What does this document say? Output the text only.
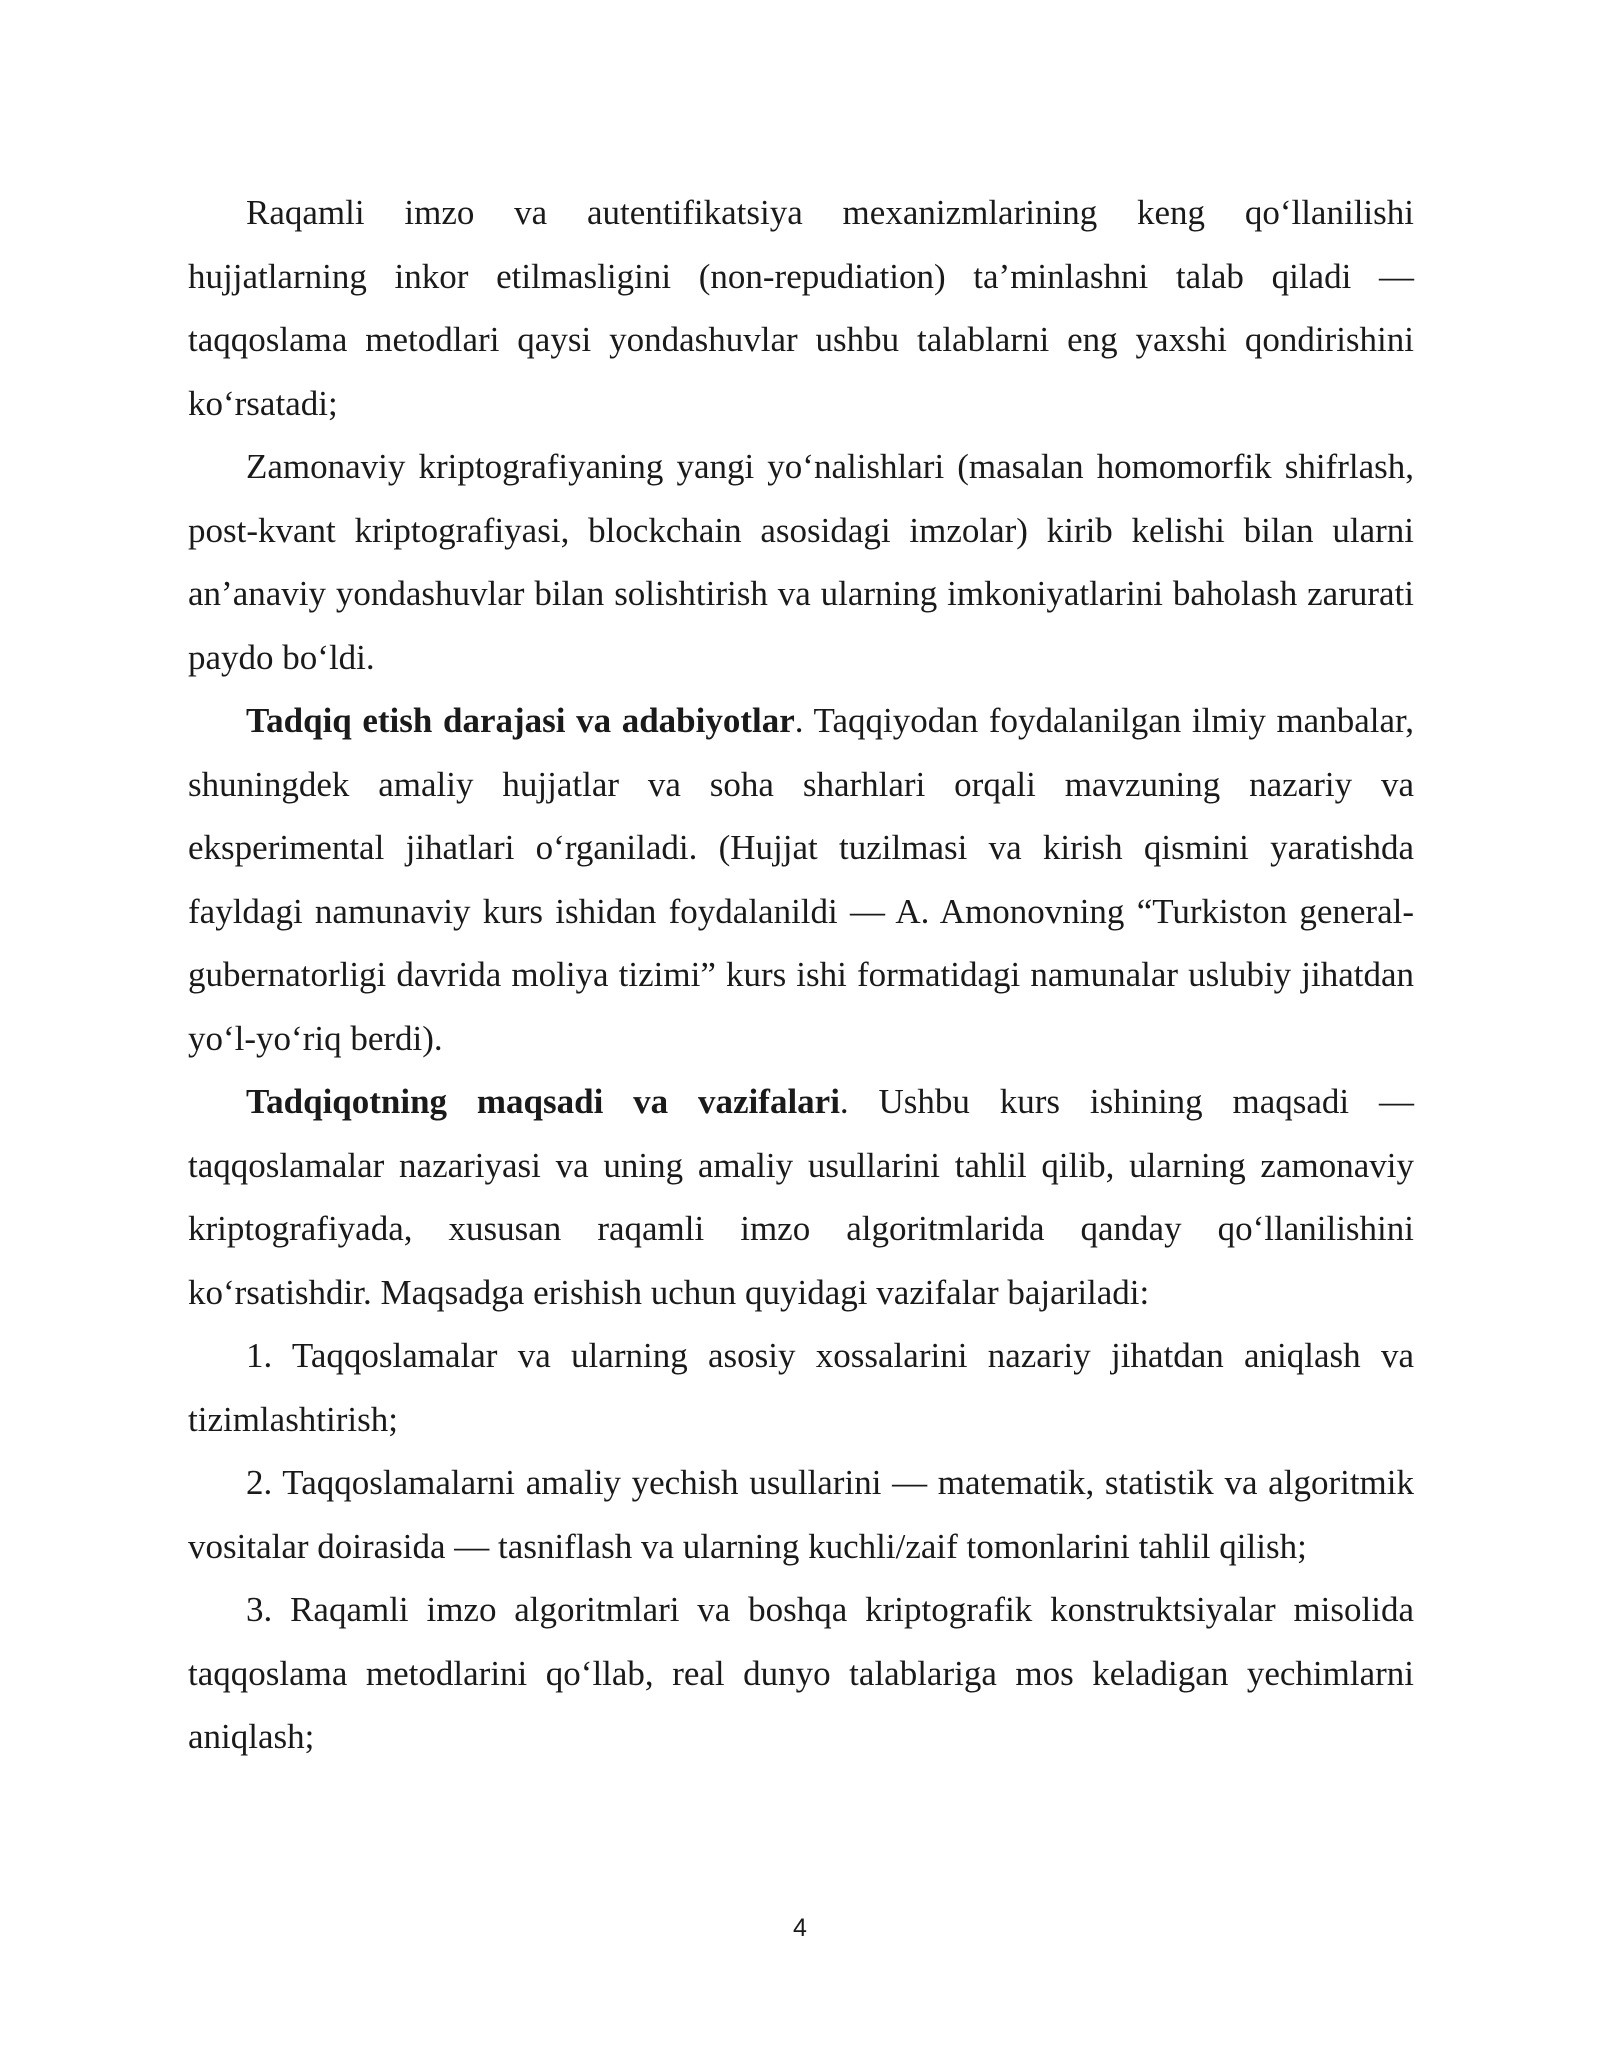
Raqamli imzo va autentifikatsiya mexanizmlarining keng qo‘llanilishi hujjatlarning inkor etilmasligini (non-repudiation) ta’minlashni talab qiladi — taqqoslama metodlari qaysi yondashuvlar ushbu talablarni eng yaxshi qondirishini ko‘rsatadi;

Zamonaviy kriptografiyaning yangi yo‘nalishlari (masalan homomorfik shifrlash, post-kvant kriptografiyasi, blockchain asosidagi imzolar) kirib kelishi bilan ularni an’anaviy yondashuvlar bilan solishtirish va ularning imkoniyatlarini baholash zarurati paydo bo‘ldi.

Tadqiq etish darajasi va adabiyotlar. Taqqiyodan foydalanilgan ilmiy manbalar, shuningdek amaliy hujjatlar va soha sharhlari orqali mavzuning nazariy va eksperimental jihatlari o‘rganiladi. (Hujjat tuzilmasi va kirish qismini yaratishda fayldagi namunaviy kurs ishidan foydalanildi — A. Amonovning “Turkiston general-gubernatorligi davrida moliya tizimi” kurs ishi formatidagi namunalar uslubiy jihatdan yo‘l-yo‘riq berdi).

Tadqiqotning maqsadi va vazifalari. Ushbu kurs ishining maqsadi — taqqoslamalar nazariyasi va uning amaliy usullarini tahlil qilib, ularning zamonaviy kriptografiyada, xususan raqamli imzo algoritmlarida qanday qo‘llanilishini ko‘rsatishdir. Maqsadga erishish uchun quyidagi vazifalar bajariladi:

1. Taqqoslamalar va ularning asosiy xossalarini nazariy jihatdan aniqlash va tizimlashtirish;

2. Taqqoslamalarni amaliy yechish usullarini — matematik, statistik va algoritmik vositalar doirasida — tasniflash va ularning kuchli/zaif tomonlarini tahlil qilish;

3. Raqamli imzo algoritmlari va boshqa kriptografik konstruktsiyalar misolida taqqoslama metodlarini qo‘llab, real dunyo talablariga mos keladigan yechimlarni aniqlash;

4
